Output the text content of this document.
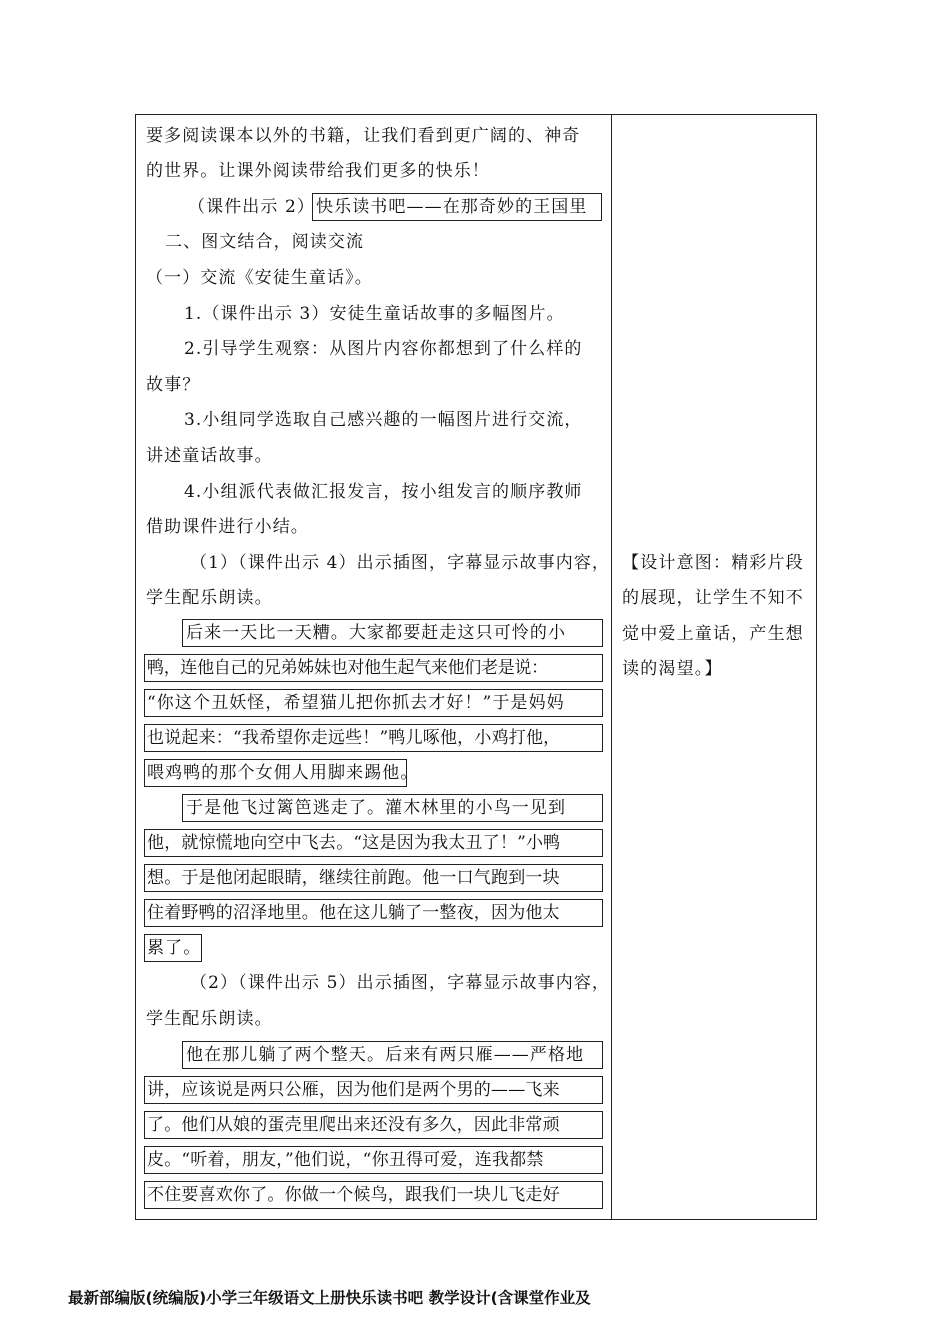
要多阅读课本以外的书籍，让我们看到更广阔的、神奇
的世界。让课外阅读带给我们更多的快乐！
（课件出示 2） 快乐读书吧——在那奇妙的王国里
二、图文结合，阅读交流
（一）交流《安徒生童话》。
1.（课件出示 3）安徒生童话故事的多幅图片。
2.引导学生观察：从图片内容你都想到了什么样的
故事？
3.小组同学选取自己感兴趣的一幅图片进行交流，
讲述童话故事。
4.小组派代表做汇报发言，按小组发言的顺序教师
借助课件进行小结。
（1）（课件出示 4）出示插图，字幕显示故事内容，
学生配乐朗读。
后来一天比一天糟。大家都要赶走这只可怜的小
鸭，连他自己的兄弟姊妹也对他生起气来他们老是说：
“你这个丑妖怪，希望猫儿把你抓去才好！”于是妈妈
也说起来：“我希望你走远些！”鸭儿啄他，小鸡打他，
喂鸡鸭的那个女佣人用脚来踢他。
于是他飞过篱笆逃走了。灌木林里的小鸟一见到
他，就惊慌地向空中飞去。“这是因为我太丑了！”小鸭
想。于是他闭起眼睛，继续往前跑。他一口气跑到一块
住着野鸭的沼泽地里。他在这儿躺了一整夜，因为他太
累了。
（2）（课件出示 5）出示插图，字幕显示故事内容，
学生配乐朗读。
他在那儿躺了两个整天。后来有两只雁——严格地
讲，应该说是两只公雁，因为他们是两个男的——飞来
了。他们从娘的蛋壳里爬出来还没有多久，因此非常顽
皮。“听着，朋友，”他们说，“你丑得可爱，连我都禁
不住要喜欢你了。你做一个候鸟，跟我们一块儿飞走好
【设计意图：精彩片段
的展现，让学生不知不
觉中爱上童话，产生想
读的渴望。】
最新部编版(统编版)小学三年级语文上册快乐读书吧 教学设计(含课堂作业及
